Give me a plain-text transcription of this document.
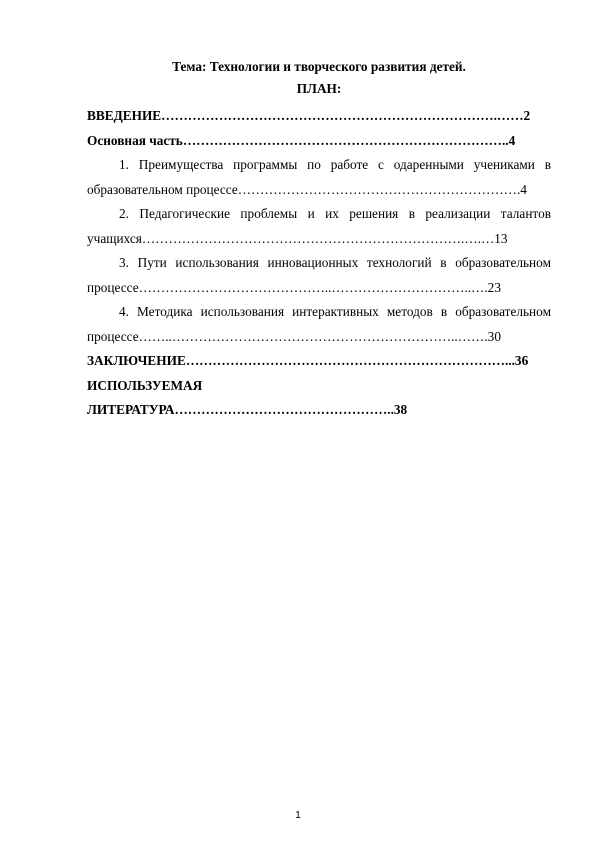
Тема: Технологии и творческого развития детей.
ПЛАН:
ВВЕДЕНИЕ………………………………………………………………….……2
Основная часть………………………………………………………………..4
1. Преимущества программы по работе с одаренными учениками в
образовательном процессе……………………………………………………….4
2. Педагогические проблемы и их решения в реализации талантов
учащихся……………………………………………………………….….…13
3. Пути использования инновационных технологий в образовательном
процессе……………………………………..…………………………..….23
4. Методика использования интерактивных методов в образовательном
процессе……..………………………………………………………..…….30
ЗАКЛЮЧЕНИЕ………………………………………………………………...36
ИСПОЛЬЗУЕМАЯ
ЛИТЕРАТУРА…………………………………………..38
1
